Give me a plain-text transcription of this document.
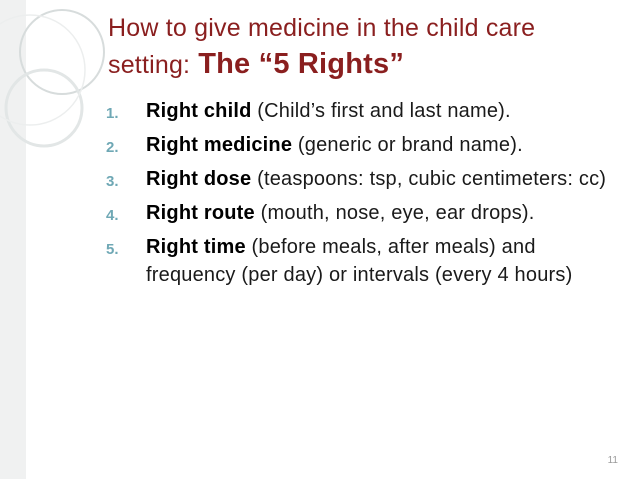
How to give medicine in the child care
setting: The “5 Rights”
1.	Right child (Child’s first and last name).
2.	Right medicine (generic or brand name).
3.	Right dose (teaspoons: tsp, cubic centimeters: cc)
4.	Right route (mouth, nose, eye, ear drops).
5.	Right time (before meals, after meals) and frequency (per day) or intervals (every 4 hours)
11
